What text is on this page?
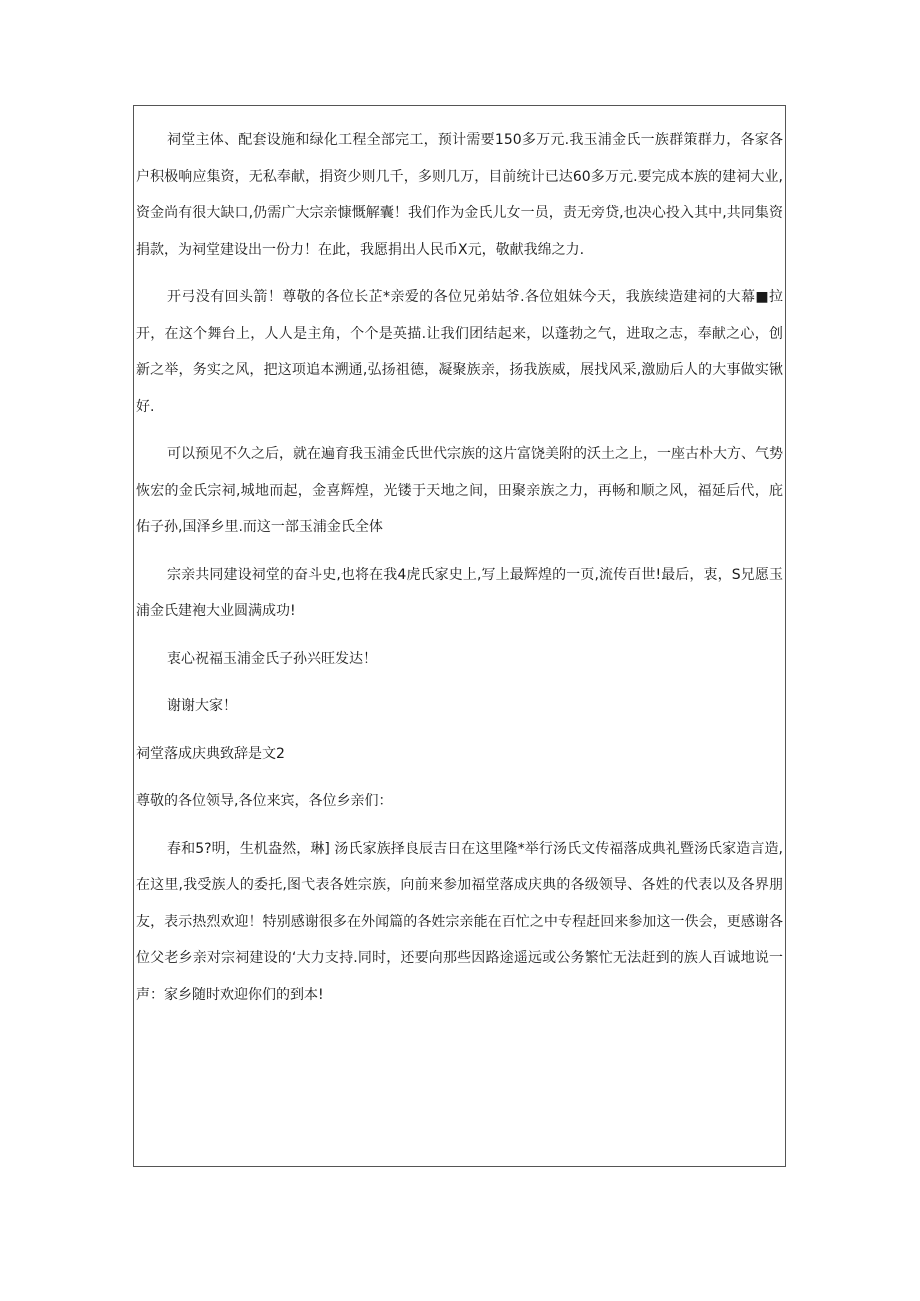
祠堂主体、配套设施和绿化工程全部完工，预计需要150多万元.我玉浦金氏一族群策群力，各家各户积极响应集资，无私奉献，捐资少则几千，多则几万，目前统计已达60多万元.要完成本族的建祠大业,资金尚有很大缺口,仍需广大宗亲慷慨解囊！我们作为金氏儿女一员，责无旁贷,也决心投入其中,共同集资捐款，为祠堂建设出一份力！在此，我愿捐出人民币X元，敬献我绵之力.

开弓没有回头箭！尊敬的各位长芷*亲爱的各位兄弟姑爷.各位姐妹今天，我族续造建祠的大幕■拉开，在这个舞台上，人人是主角，个个是英描.让我们团结起来，以蓬勃之气，进取之志，奉献之心，创新之举，务实之风，把这项追本溯通,弘扬祖德，凝聚族亲，扬我族威，展找风采,激励后人的大事做实锹好.

可以预见不久之后，就在遍育我玉浦金氏世代宗族的这片富饶美附的沃土之上，一座古朴大方、气势恢宏的金氏宗祠,城地而起，金喜辉煌，光镂于天地之间，田聚亲族之力，再畅和顺之风，福延后代，庇佑子孙,国泽乡里.而这一部玉浦金氏全体

宗亲共同建设祠堂的奋斗史,也将在我4虎氏家史上,写上最辉煌的一页,流传百世!最后，衷，S兄愿玉浦金氏建袍大业圆满成功!

衷心祝福玉浦金氏子孙兴旺发达！

谢谢大家！

祠堂落成庆典致辞是文2

尊敬的各位领导,各位来宾，各位乡亲们：

春和5?明，生机盎然，琳] 汤氏家族择良辰吉日在这里隆*举行汤氏文传福落成典礼暨汤氏家造言造,在这里,我受族人的委托,图弋表各姓宗族，向前来参加福堂落成庆典的各级领导、各姓的代表以及各界朋友，表示热烈欢迎！特别感谢很多在外闻篇的各姓宗亲能在百忙之中专程赶回来参加这一佚会，更感谢各位父老乡亲对宗祠建设的‘大力支持.同时，还要向那些因路途遥远或公务繁忙无法赶到的族人百诚地说一声：家乡随时欢迎你们的到本!
